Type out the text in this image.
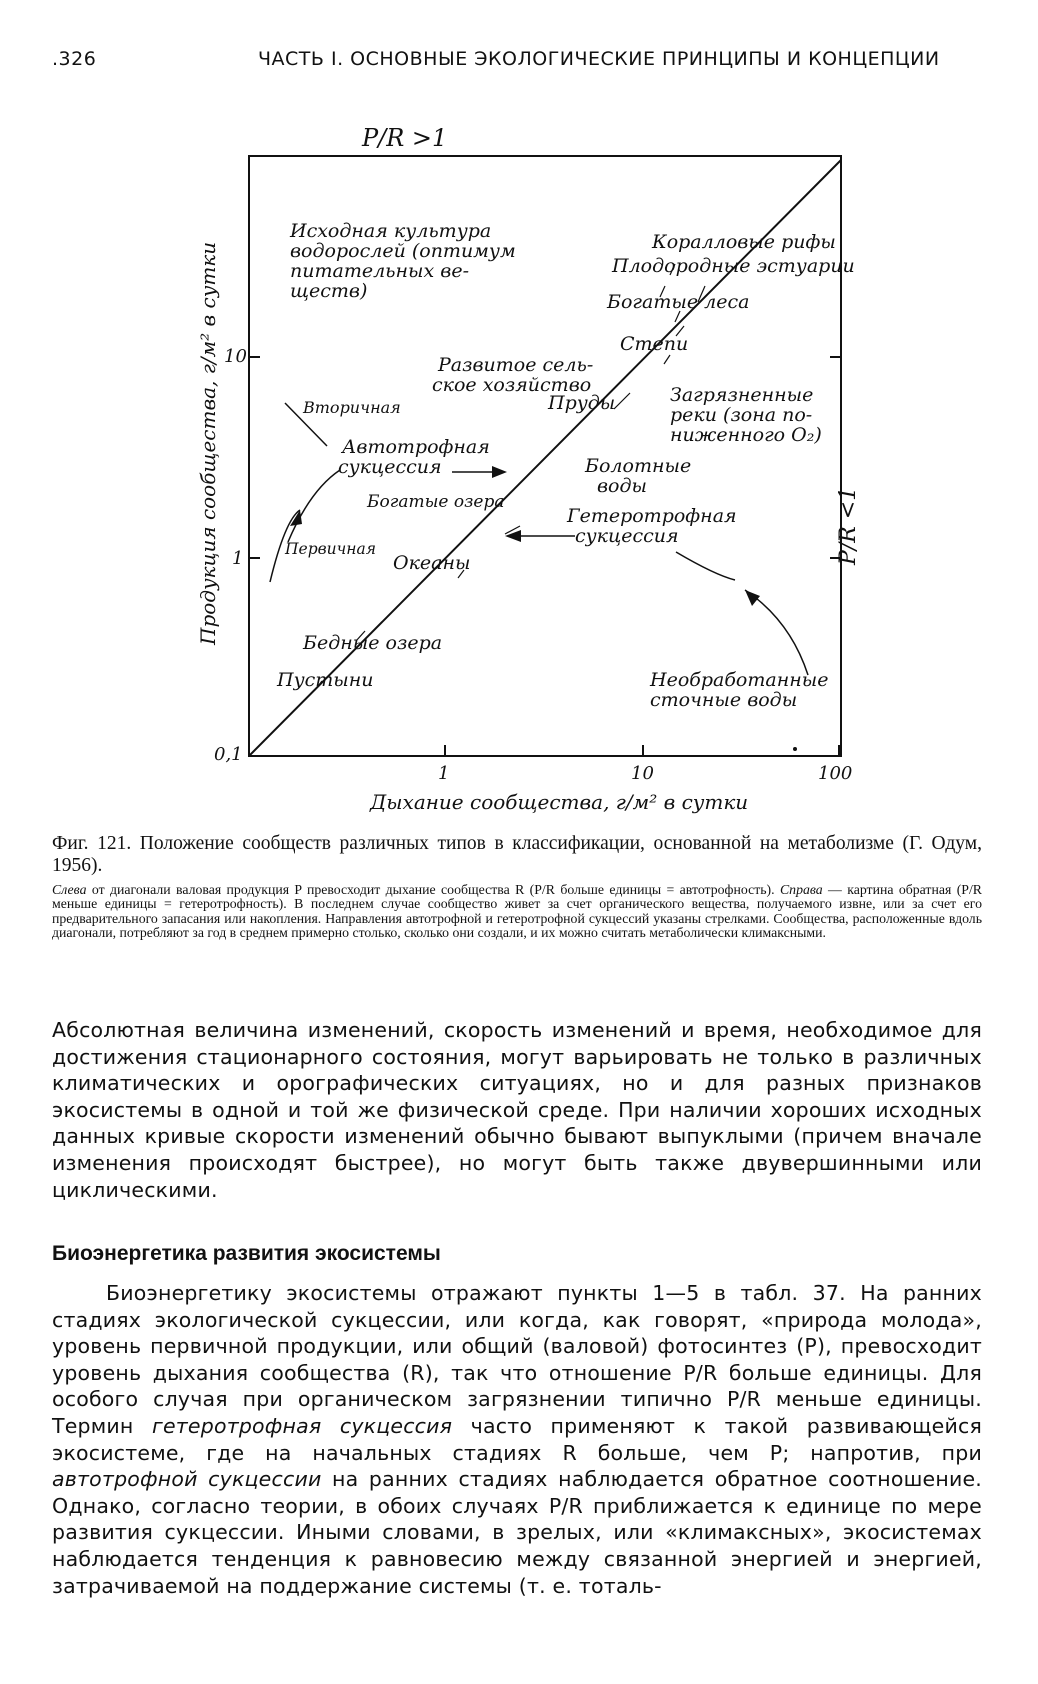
.326	ЧАСТЬ I. ОСНОВНЫЕ ЭКОЛОГИЧЕСКИЕ ПРИНЦИПЫ И КОНЦЕПЦИИ
P/R >1
P/R <1
Продукция сообщества, г/м² в сутки
Дыхание сообщества, г/м² в сутки
1	10	100
0,1
1
10
Исходная культура
водорослей (оптимум
питательных ве-
ществ)
Коралловые рифы
Плодородные эстуарии
Богатые леса
Степи
Развитое сель-
ское хозяйство
Пруды	Загрязненные
реки (зона по-
ниженного O₂)
Вторичная
Автотрофная
сукцессия	Болотные
воды
Богатые озера
Гетеротрофная
сукцессия
Первичная
Океаны
Бедные озера
Пустыни	Необработанные
сточные воды
Фиг. 121. Положение сообществ различных типов в классификации, основанной на метаболизме (Г. Одум, 1956).
Слева от диагонали валовая продукция P превосходит дыхание сообщества R (P/R больше единицы = автотрофность). Справа — картина обратная (P/R меньше единицы = гетеротрофность). В последнем случае сообщество живет за счет органического вещества, получаемого извне, или за счет его предварительного запасания или накопления. Направления автотрофной и гетеротрофной сукцессий указаны стрелками. Сообщества, расположенные вдоль диагонали, потребляют за год в среднем примерно столько, сколько они создали, и их можно считать метаболически климаксными.
Абсолютная величина изменений, скорость изменений и время, необходимое для достижения стационарного состояния, могут варьировать не только в различных климатических и орографических ситуациях, но и для разных признаков экосистемы в одной и той же физической среде. При наличии хороших исходных данных кривые скорости изменений обычно бывают выпуклыми (причем вначале изменения происходят быстрее), но могут быть также двувершинными или циклическими.
Биоэнергетика развития экосистемы
Биоэнергетику экосистемы отражают пункты 1—5 в табл. 37. На ранних стадиях экологической сукцессии, или когда, как говорят, «природа молода», уровень первичной продукции, или общий (валовой) фотосинтез (P), превосходит уровень дыхания сообщества (R), так что отношение P/R больше единицы. Для особого случая при органическом загрязнении типично P/R меньше единицы. Термин гетеротрофная сукцессия часто применяют к такой развивающейся экосистеме, где на начальных стадиях R больше, чем P; напротив, при автотрофной сукцессии на ранних стадиях наблюдается обратное соотношение. Однако, согласно теории, в обоих случаях P/R приближается к единице по мере развития сукцессии. Иными словами, в зрелых, или «климаксных», экосистемах наблюдается тенденция к равновесию между связанной энергией и энергией, затрачиваемой на поддержание системы (т. е. тоталь-
